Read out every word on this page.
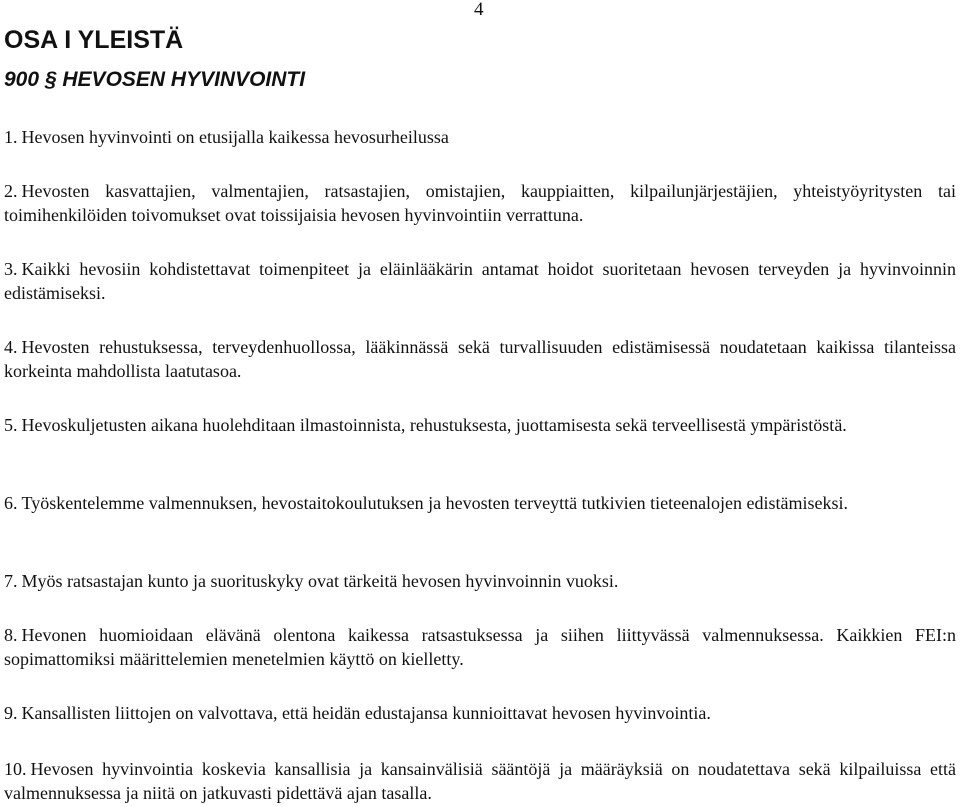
4
OSA I YLEISTÄ
900 § HEVOSEN HYVINVOINTI

1. Hevosen hyvinvointi on etusijalla kaikessa hevosurheilussa

2. Hevosten kasvattajien, valmentajien, ratsastajien, omistajien, kauppiaitten, kilpailunjärjestäjien, yhteistyöyritysten tai toimihenkilöiden toivomukset ovat toissijaisia hevosen hyvinvointiin verrattuna.

3. Kaikki hevosiin kohdistettavat toimenpiteet ja eläinlääkärin antamat hoidot suoritetaan hevosen terveyden ja hyvinvoinnin edistämiseksi.

4. Hevosten rehustuksessa, terveydenhuollossa, lääkinnässä sekä turvallisuuden edistämisessä noudatetaan kaikissa tilanteissa korkeinta mahdollista laatutasoa.

5. Hevoskuljetusten aikana huolehditaan ilmastoinnista, rehustuksesta, juottamisesta sekä terveellisestä ympäristöstä.

6. Työskentelemme valmennuksen, hevostaitokoulutuksen ja hevosten terveyttä tutkivien tieteenalojen edistämiseksi.

7. Myös ratsastajan kunto ja suorituskyky ovat tärkeitä hevosen hyvinvoinnin vuoksi.

8. Hevonen huomioidaan elävänä olentona kaikessa ratsastuksessa ja siihen liittyvässä valmennuksessa. Kaikkien FEI:n sopimattomiksi määrittelemien menetelmien käyttö on kielletty.

9. Kansallisten liittojen on valvottava, että heidän edustajansa kunnioittavat hevosen hyvinvointia.

10. Hevosen hyvinvointia koskevia kansallisia ja kansainvälisiä sääntöjä ja määräyksiä on noudatettava sekä kilpailuissa että valmennuksessa ja niitä on jatkuvasti pidettävä ajan tasalla.
